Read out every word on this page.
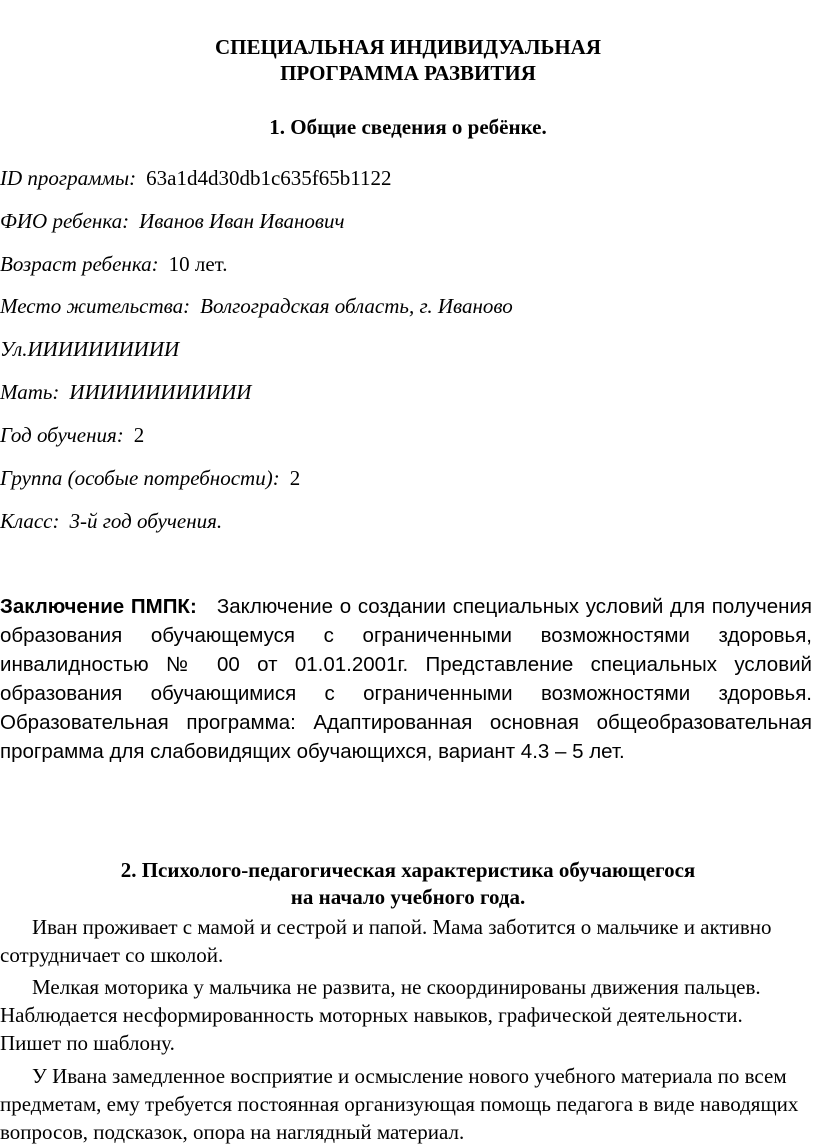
СПЕЦИАЛЬНАЯ ИНДИВИДУАЛЬНАЯ
ПРОГРАММА РАЗВИТИЯ
1. Общие сведения о ребёнке.
ID программы: 63a1d4d30db1c635f65b1122
ФИО ребенка: Иванов Иван Иванович
Возраст ребенка: 10 лет.
Место жительства: Волгоградская область, г. Иваново
Ул.ИИИИИИИИИИ
Мать: ИИИИИИИИИИИИ
Год обучения: 2
Группа (особые потребности): 2
Класс: 3-й год обучения.

Заключение ПМПК: Заключение о создании специальных условий для получения образования обучающемуся с ограниченными возможностями здоровья, инвалидностью № 00 от 01.01.2001г. Представление специальных условий образования обучающимися с ограниченными возможностями здоровья. Образовательная программа: Адаптированная основная общеобразовательная программа для слабовидящих обучающихся, вариант 4.3 – 5 лет.

2. Психолого-педагогическая характеристика обучающегося
на начало учебного года.

Иван проживает с мамой и сестрой и папой. Мама заботится о мальчике и активно сотрудничает со школой.

Мелкая моторика у мальчика не развита, не скоординированы движения пальцев. Наблюдается несформированность моторных навыков, графической деятельности. Пишет по шаблону.

У Ивана замедленное восприятие и осмысление нового учебного материала по всем предметам, ему требуется постоянная организующая помощь педагога в виде наводящих вопросов, подсказок, опора на наглядный материал.
